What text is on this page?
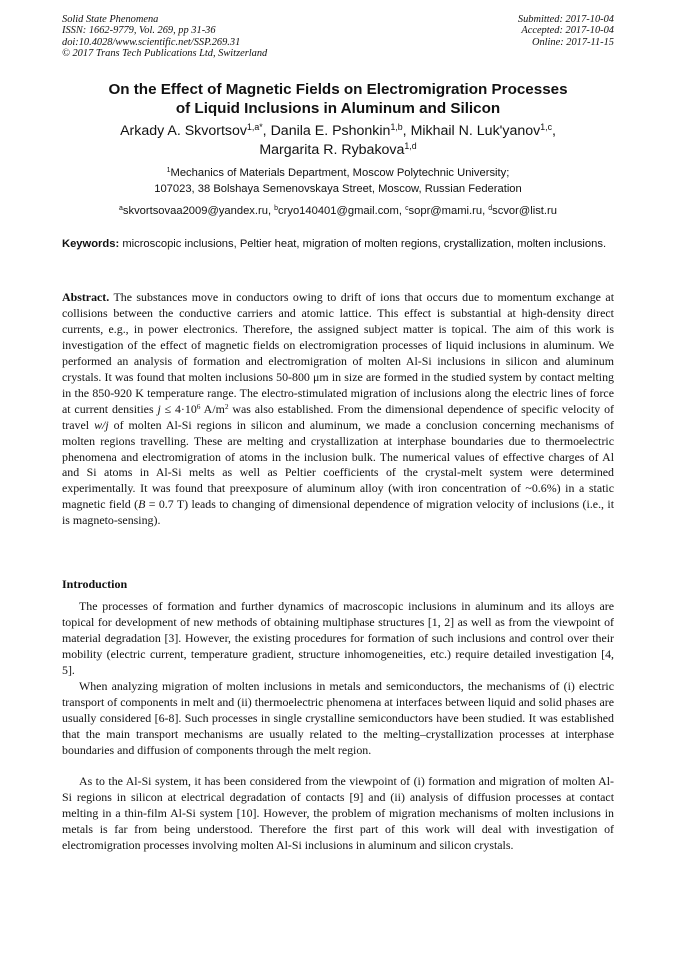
Solid State Phenomena
ISSN: 1662-9779, Vol. 269, pp 31-36
doi:10.4028/www.scientific.net/SSP.269.31
© 2017 Trans Tech Publications Ltd, Switzerland
Submitted: 2017-10-04
Accepted: 2017-10-04
Online: 2017-11-15
On the Effect of Magnetic Fields on Electromigration Processes
of Liquid Inclusions in Aluminum and Silicon
Arkady A. Skvortsov$^{1,a*}$, Danila E. Pshonkin$^{1,b}$, Mikhail N. Luk'yanov$^{1,c}$,
Margarita R. Rybakova$^{1,d}$
$^1$Mechanics of Materials Department, Moscow Polytechnic University;
107023, 38 Bolshaya Semenovskaya Street, Moscow, Russian Federation
$^a$skvortsovaa2009@yandex.ru, $^b$cryo140401@gmail.com, $^c$sopr@mami.ru, $^d$scvor@list.ru
Keywords: microscopic inclusions, Peltier heat, migration of molten regions, crystallization, molten inclusions.
Abstract. The substances move in conductors owing to drift of ions that occurs due to momentum exchange at collisions between the conductive carriers and atomic lattice. This effect is substantial at high-density direct currents, e.g., in power electronics. Therefore, the assigned subject matter is topical. The aim of this work is investigation of the effect of magnetic fields on electromigration processes of liquid inclusions in aluminum. We performed an analysis of formation and electromigration of molten Al-Si inclusions in silicon and aluminum crystals. It was found that molten inclusions 50-800 μm in size are formed in the studied system by contact melting in the 850-920 K temperature range. The electro-stimulated migration of inclusions along the electric lines of force at current densities $j \le 4\cdot 10^6$ $A/m^2$ was also established. From the dimensional dependence of specific velocity of travel w/j of molten Al-Si regions in silicon and aluminum, we made a conclusion concerning mechanisms of molten regions travelling. These are melting and crystallization at interphase boundaries due to thermoelectric phenomena and electromigration of atoms in the inclusion bulk. The numerical values of effective charges of Al and Si atoms in Al-Si melts as well as Peltier coefficients of the crystal-melt system were determined experimentally. It was found that preexposure of aluminum alloy (with iron concentration of ~0.6%) in a static magnetic field (B = 0.7 T) leads to changing of dimensional dependence of migration velocity of inclusions (i.e., it is magneto-sensing).
Introduction
The processes of formation and further dynamics of macroscopic inclusions in aluminum and its alloys are topical for development of new methods of obtaining multiphase structures [1, 2] as well as from the viewpoint of material degradation [3]. However, the existing procedures for formation of such inclusions and control over their mobility (electric current, temperature gradient, structure inhomogeneities, etc.) require detailed investigation [4, 5].
When analyzing migration of molten inclusions in metals and semiconductors, the mechanisms of (i) electric transport of components in melt and (ii) thermoelectric phenomena at interfaces between liquid and solid phases are usually considered [6-8]. Such processes in single crystalline semiconductors have been studied. It was established that the main transport mechanisms are usually related to the melting–crystallization processes at interphase boundaries and diffusion of components through the melt region.
As to the Al-Si system, it has been considered from the viewpoint of (i) formation and migration of molten Al-Si regions in silicon at electrical degradation of contacts [9] and (ii) analysis of diffusion processes at contact melting in a thin-film Al-Si system [10]. However, the problem of migration mechanisms of molten inclusions in metals is far from being understood. Therefore the first part of this work will deal with investigation of electromigration processes involving molten Al-Si inclusions in aluminum and silicon crystals.
